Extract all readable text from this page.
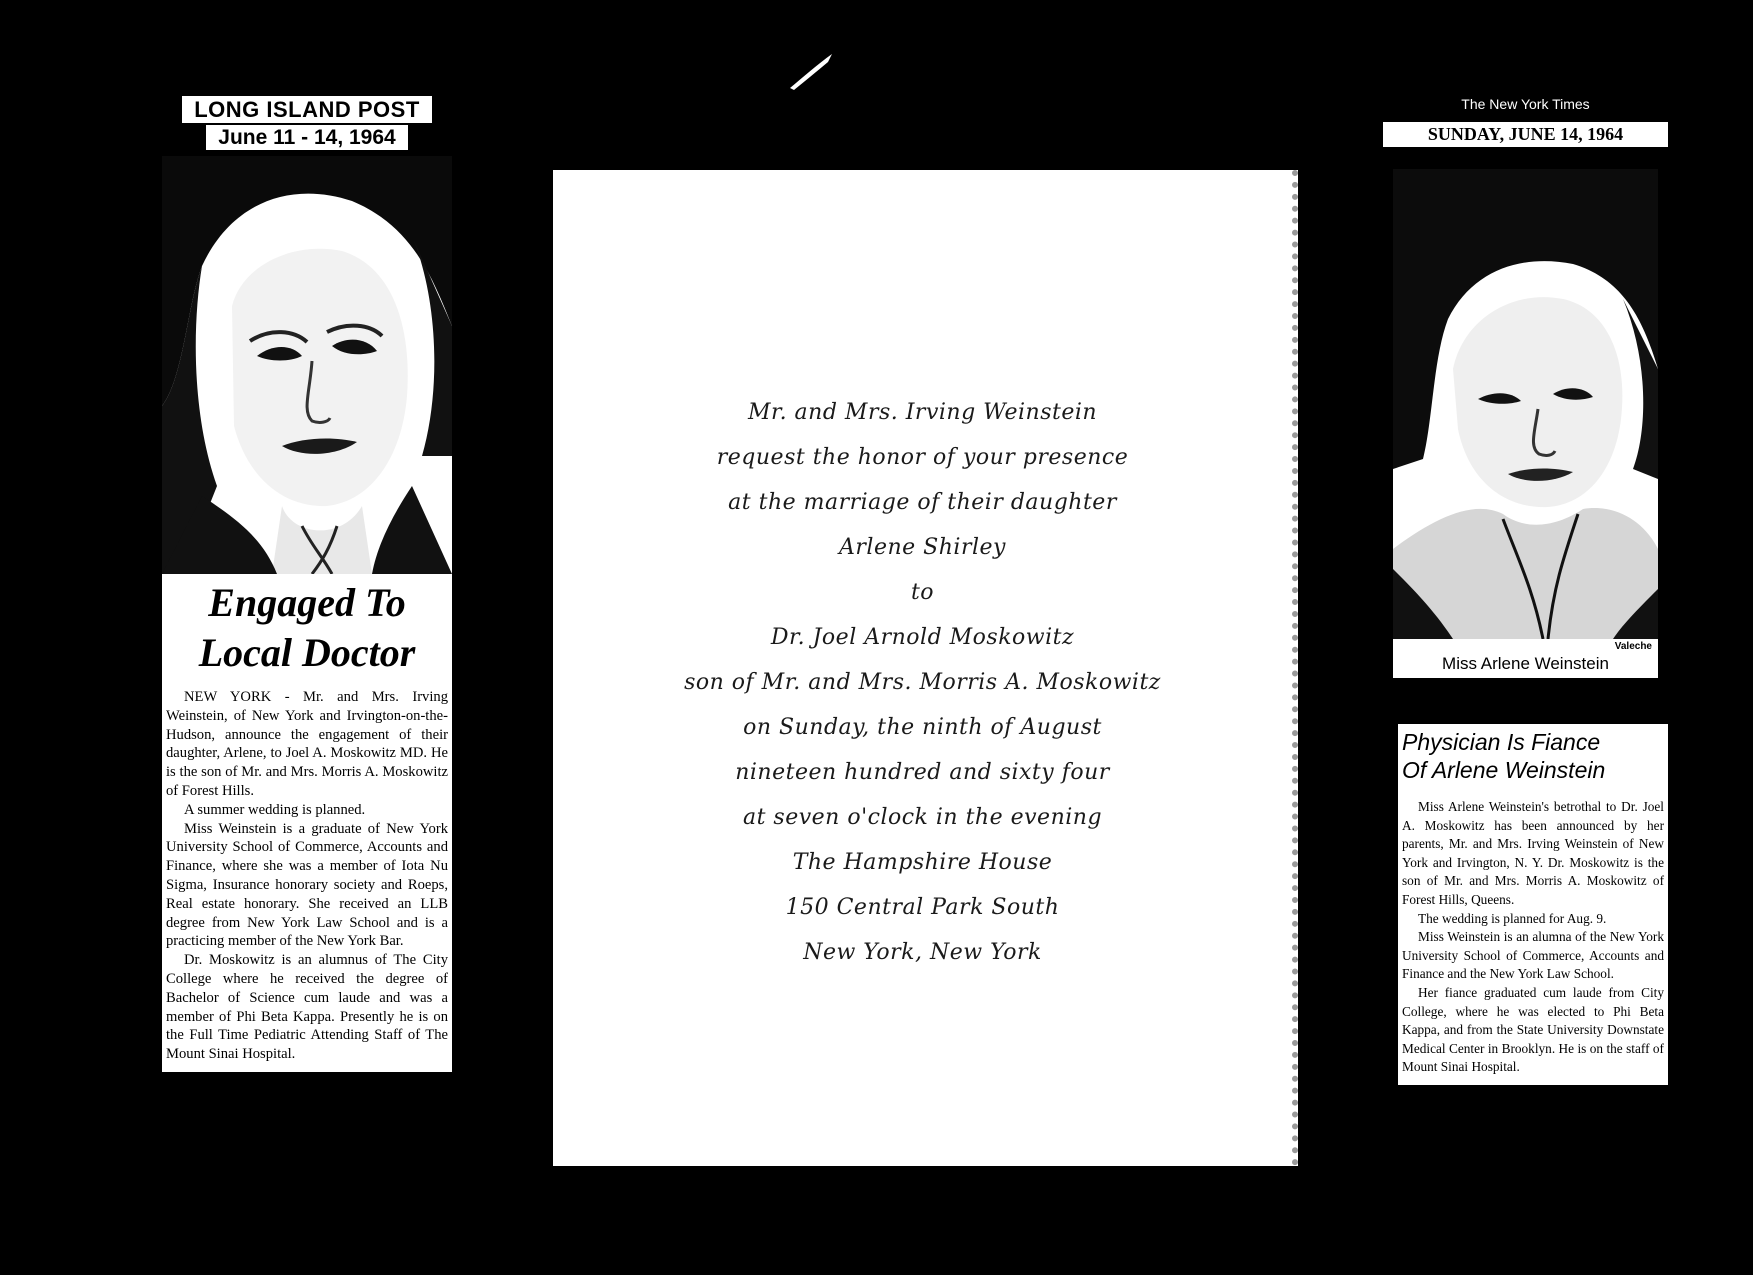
LONG ISLAND POST
June 11 - 14, 1964
Engaged To
Local Doctor

NEW YORK - Mr. and Mrs. Irving Weinstein, of New York and Irvington-on-the-Hudson, announce the engagement of their daughter, Arlene, to Joel A. Moskowitz MD. He is the son of Mr. and Mrs. Morris A. Moskowitz of Forest Hills.

A summer wedding is planned.

Miss Weinstein is a graduate of New York University School of Commerce, Accounts and Finance, where she was a member of Iota Nu Sigma, Insurance honorary society and Roeps, Real estate honorary. She received an LLB degree from New York Law School and is a practicing member of the New York Bar.

Dr. Moskowitz is an alumnus of The City College where he received the degree of Bachelor of Science cum laude and was a member of Phi Beta Kappa. Presently he is on the Full Time Pediatric Attending Staff of The Mount Sinai Hospital.

Mr. and Mrs. Irving Weinstein
request the honor of your presence
at the marriage of their daughter
Arlene Shirley
to
Dr. Joel Arnold Moskowitz
son of Mr. and Mrs. Morris A. Moskowitz
on Sunday, the ninth of August
nineteen hundred and sixty four
at seven o'clock in the evening
The Hampshire House
150 Central Park South
New York, New York
The New York Times
SUNDAY, JUNE 14, 1964
Valeche
Miss Arlene Weinstein
Physician Is Fiance
Of Arlene Weinstein

Miss Arlene Weinstein's betrothal to Dr. Joel A. Moskowitz has been announced by her parents, Mr. and Mrs. Irving Weinstein of New York and Irvington, N. Y. Dr. Moskowitz is the son of Mr. and Mrs. Morris A. Moskowitz of Forest Hills, Queens.

The wedding is planned for Aug. 9.

Miss Weinstein is an alumna of the New York University School of Commerce, Accounts and Finance and the New York Law School.

Her fiance graduated cum laude from City College, where he was elected to Phi Beta Kappa, and from the State University Downstate Medical Center in Brooklyn. He is on the staff of Mount Sinai Hospital.
